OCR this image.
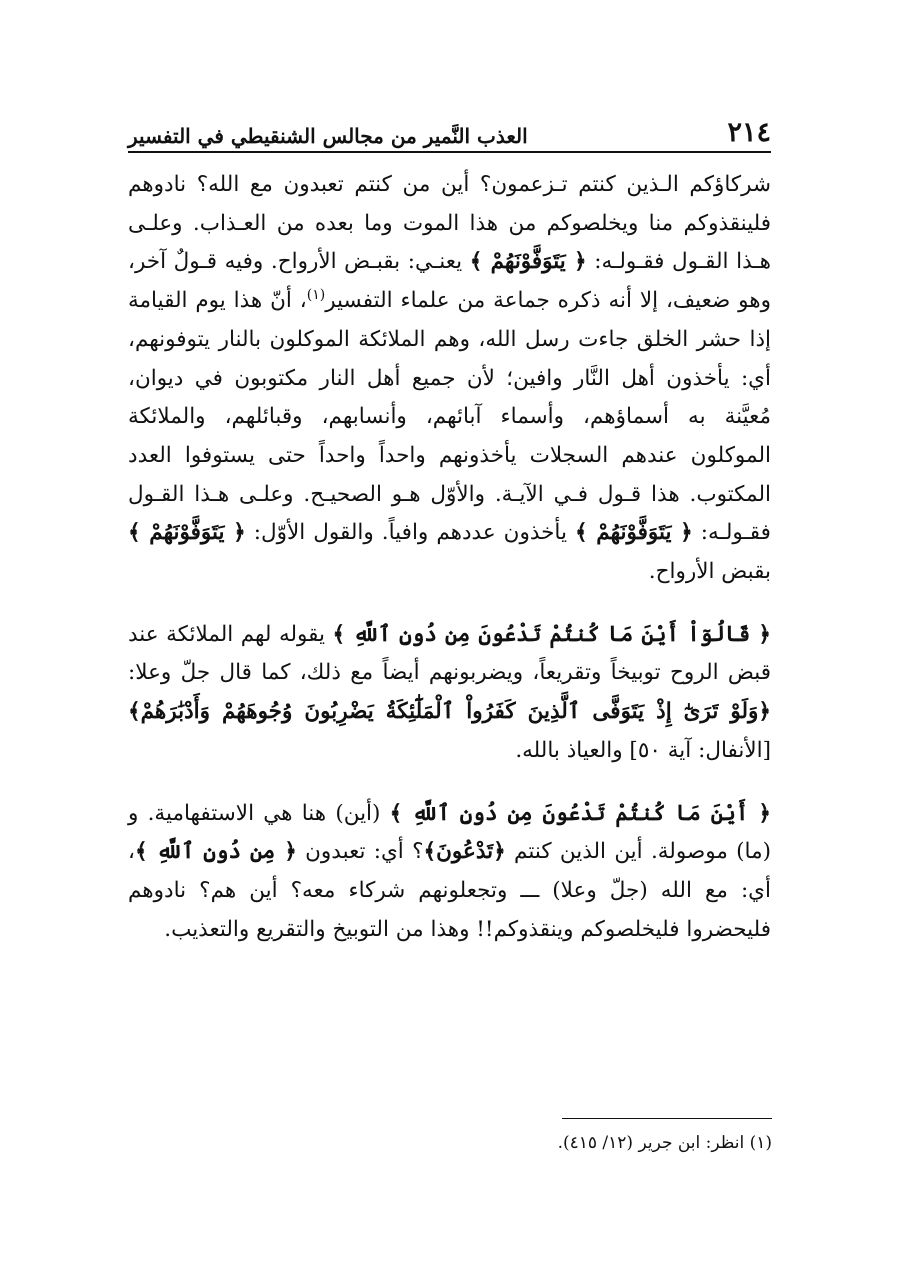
٢١٤
العذب النَّمير من مجالس الشنقيطي في التفسير

شركاؤكم الـذين كنتم تـزعمون؟ أين من كنتم تعبدون مع الله؟ نادوهم فلينقذوكم منا ويخلصوكم من هذا الموت وما بعده من العـذاب. وعلـى هـذا القـول فقـولـه: ﴿ يَتَوَفَّوْنَهُمْ ﴾ يعنـي: بقبـض الأرواح. وفيه قـولٌ آخر، وهو ضعيف، إلا أنه ذكره جماعة من علماء التفسير$^{(١)}$، أنّ هذا يوم القيامة إذا حشر الخلق جاءت رسل الله، وهم الملائكة الموكلون بالنار يتوفونهم، أي: يأخذون أهل النَّار وافين؛ لأن جميع أهل النار مكتوبون في ديوان، مُعيَّنة به أسماؤهم، وأسماء آبائهم، وأنسابهم، وقبائلهم، والملائكة الموكلون عندهم السجلات يأخذونهم واحداً واحداً حتى يستوفوا العدد المكتوب. هذا قـول فـي الآيـة. والأوّل هـو الصحيـح. وعلـى هـذا القـول فقـولـه: ﴿ يَتَوَفَّوْنَهُمْ ﴾ يأخذون عددهم وافياً. والقول الأوّل: ﴿ يَتَوَفَّوْنَهُمْ ﴾ بقبض الأرواح.

﴿ قَالُوٓاْ أَيْنَ مَا كُنتُمْ تَدْعُونَ مِن دُونِ ٱللَّهِ ﴾ يقوله لهم الملائكة عند قبض الروح توبيخاً وتقريعاً، ويضربونهم أيضاً مع ذلك، كما قال جلّ وعلا: ﴿وَلَوْ تَرَىٰٓ إِذْ يَتَوَفَّى ٱلَّذِينَ كَفَرُواْ ٱلْمَلَٰٓئِكَةُ يَضْرِبُونَ وُجُوهَهُمْ وَأَدْبَٰرَهُمْ﴾ [الأنفال: آية ٥٠] والعياذ بالله.

﴿ أَيْنَ مَا كُنتُمْ تَدْعُونَ مِن دُونِ ٱللَّهِ ﴾ (أين) هنا هي الاستفهامية. و (ما) موصولة. أين الذين كنتم ﴿تَدْعُونَ﴾؟ أي: تعبدون ﴿ مِن دُونِ ٱللَّهِ ﴾، أي: مع الله (جلّ وعلا) ـــ وتجعلونهم شركاء معه؟ أين هم؟ نادوهم فليحضروا فليخلصوكم وينقذوكم!! وهذا من التوبيخ والتقريع والتعذيب.

(١) انظر: ابن جرير (١٢/ ٤١٥).
